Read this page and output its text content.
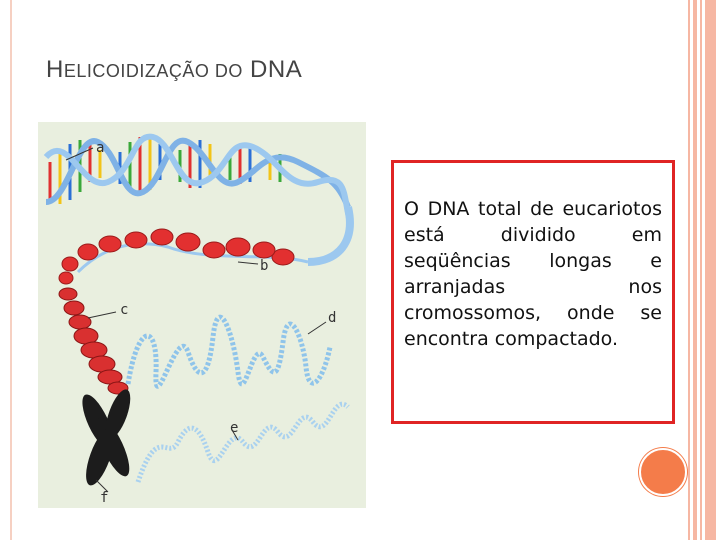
HELICOIDIZAÇÃO DO DNA
a
b
c	d
f
e

O DNA total de eucariotos está dividido em seqüências longas e arranjadas nos cromossomos, onde se encontra compactado.
